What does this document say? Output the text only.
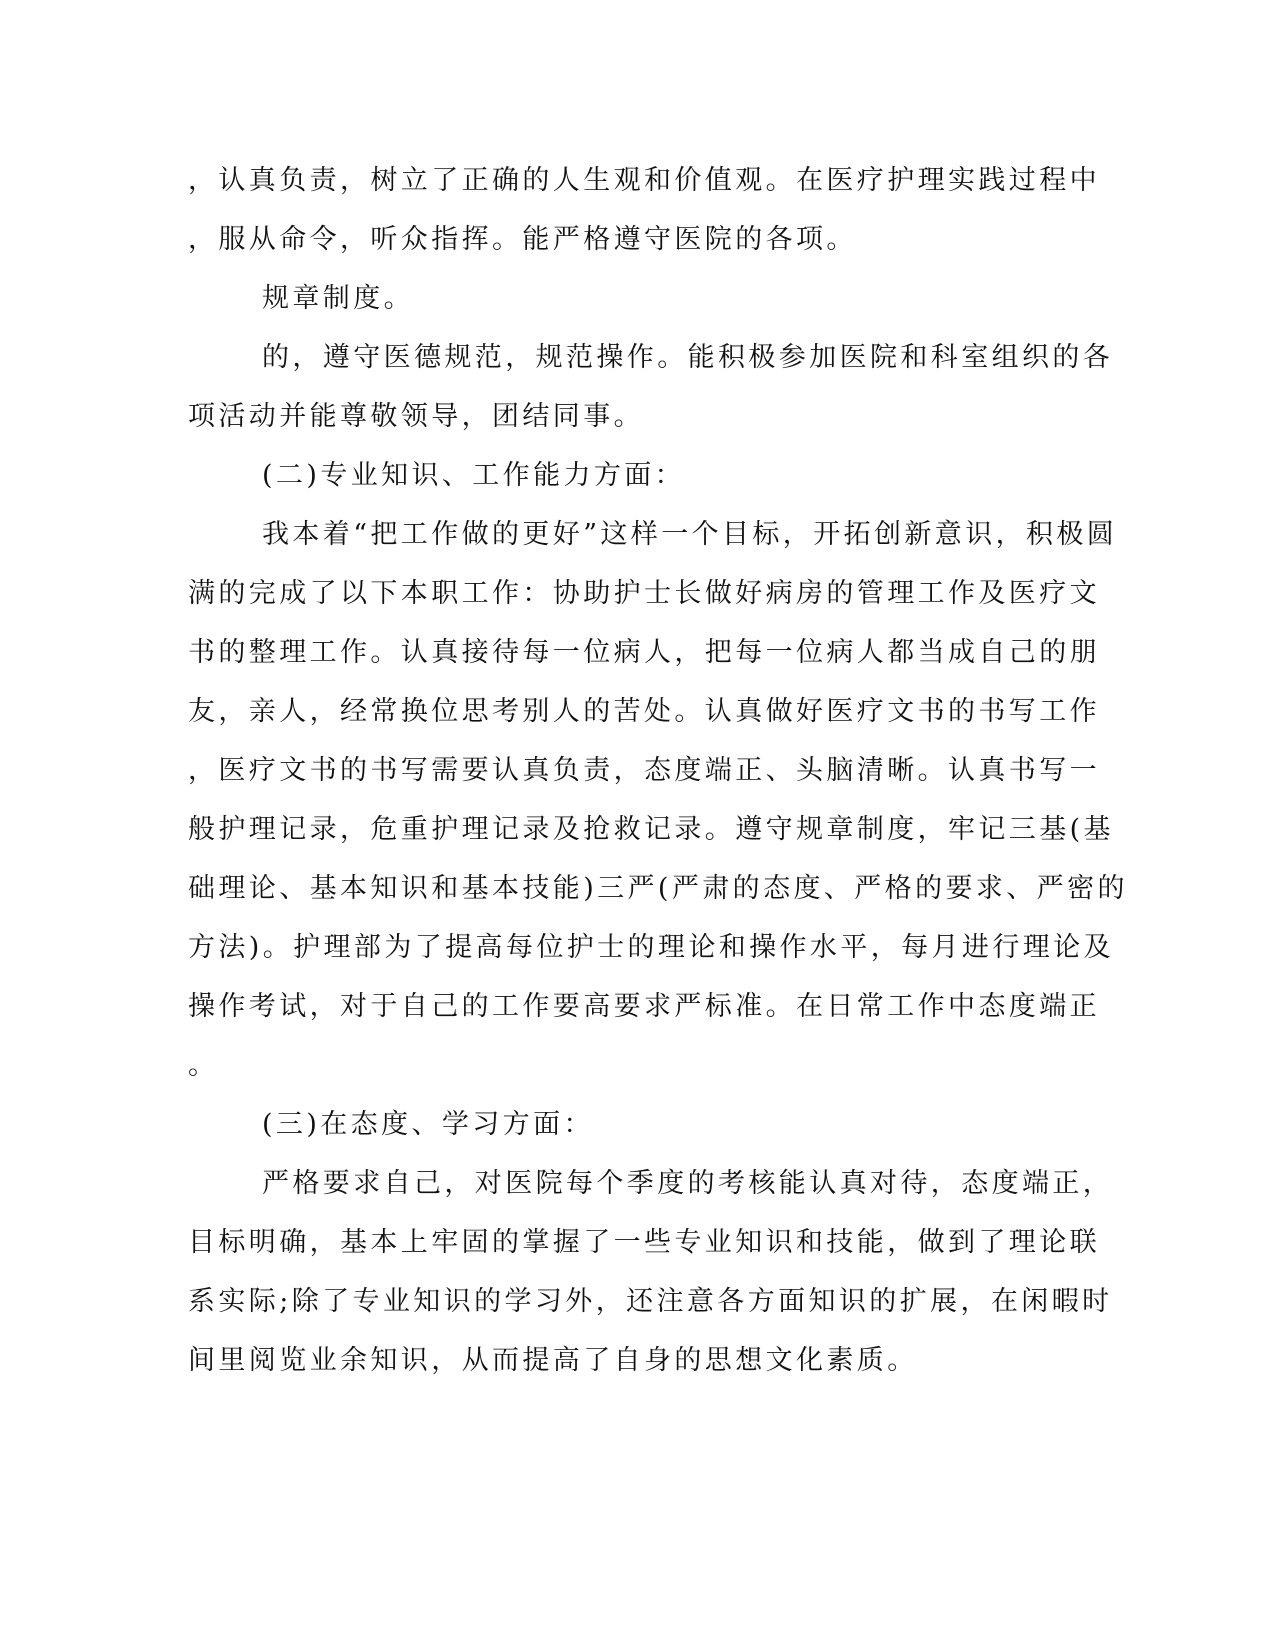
，认真负责，树立了正确的人生观和价值观。在医疗护理实践过程中
，服从命令，听众指挥。能严格遵守医院的各项。
规章制度。
的，遵守医德规范，规范操作。能积极参加医院和科室组织的各
项活动并能尊敬领导，团结同事。
(二)专业知识、工作能力方面：
我本着“把工作做的更好”这样一个目标，开拓创新意识，积极圆
满的完成了以下本职工作：协助护士长做好病房的管理工作及医疗文
书的整理工作。认真接待每一位病人，把每一位病人都当成自己的朋
友，亲人，经常换位思考别人的苦处。认真做好医疗文书的书写工作
，医疗文书的书写需要认真负责，态度端正、头脑清晰。认真书写一
般护理记录，危重护理记录及抢救记录。遵守规章制度，牢记三基(基
础理论、基本知识和基本技能)三严(严肃的态度、严格的要求、严密的
方法)。护理部为了提高每位护士的理论和操作水平，每月进行理论及
操作考试，对于自己的工作要高要求严标准。在日常工作中态度端正
。
(三)在态度、学习方面：
严格要求自己，对医院每个季度的考核能认真对待，态度端正，
目标明确，基本上牢固的掌握了一些专业知识和技能，做到了理论联
系实际;除了专业知识的学习外，还注意各方面知识的扩展，在闲暇时
间里阅览业余知识，从而提高了自身的思想文化素质。
